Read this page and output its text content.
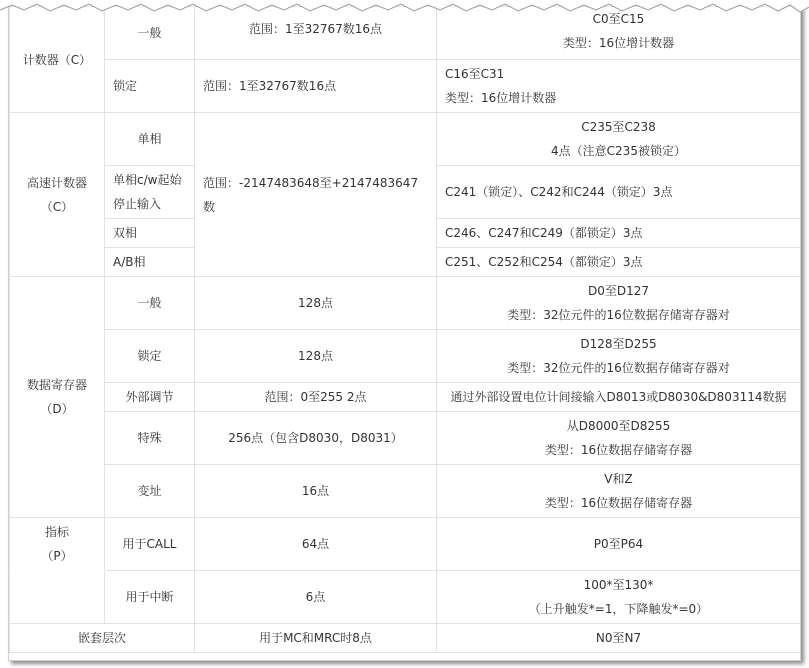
计数器（C）	一般	范围：1至32767数16点	C0至C15
类型：16位增计数器

	锁定	范围：1至32767数16点	C16至C31
类型：16位增计数器

高速计数器
（C）	单相	范围：-2147483648至+2147483647数	C235至C238
4点（注意C235被锁定）

	单相c/w起始
停止输入		C241（锁定）、C242和C244（锁定）3点
	双相		C246、C247和C249（都锁定）3点
	A/B相		C251、C252和C254（都锁定）3点

数据寄存器
（D）	一般	128点	D0至D127
类型：32位元件的16位数据存储寄存器对

	锁定	128点	D128至D255
类型：32位元件的16位数据存储寄存器对

	外部调节	范围：0至255 2点	通过外部设置电位计间接输入D8013或D8030&D803114数据
	特殊	256点（包含D8030，D8031）	从D8000至D8255
类型：16位数据存储寄存器

	变址	16点	V和Z
类型：16位数据存储寄存器

指标
（P）	用于CALL	64点	P0至P64
	用于中断	6点	100*至130*
（上升触发*=1，下降触发*=0）

嵌套层次		用于MC和MRC时8点	N0至N7
